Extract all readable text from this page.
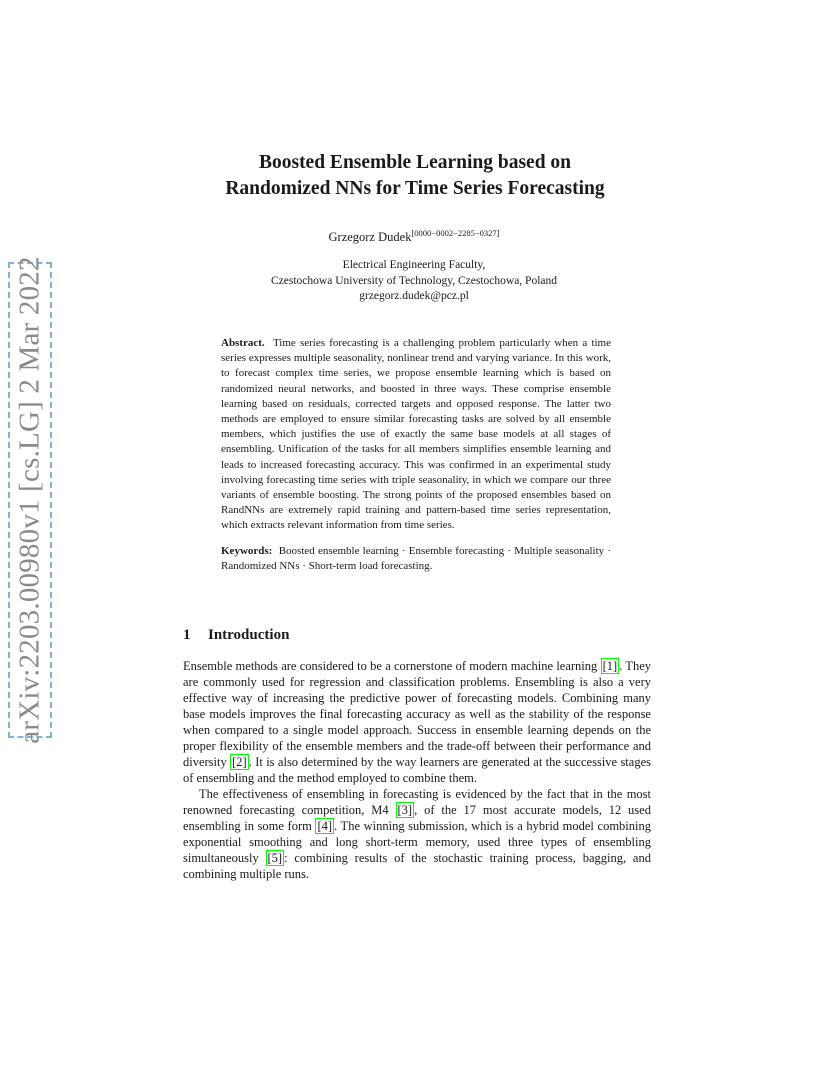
arXiv:2203.00980v1 [cs.LG] 2 Mar 2022
Boosted Ensemble Learning based on
Randomized NNs for Time Series Forecasting
Grzegorz Dudek[0000−0002−2285−0327]
Electrical Engineering Faculty,
Czestochowa University of Technology, Czestochowa, Poland
grzegorz.dudek@pcz.pl

Abstract. Time series forecasting is a challenging problem particularly when a time series expresses multiple seasonality, nonlinear trend and varying variance. In this work, to forecast complex time series, we propose ensemble learning which is based on randomized neural networks, and boosted in three ways. These comprise ensemble learning based on residuals, corrected targets and opposed response. The latter two methods are employed to ensure similar forecasting tasks are solved by all ensemble members, which justifies the use of exactly the same base models at all stages of ensembling. Unification of the tasks for all members simplifies ensemble learning and leads to increased forecasting accuracy. This was confirmed in an experimental study involving forecasting time series with triple seasonality, in which we compare our three variants of ensemble boosting. The strong points of the proposed ensembles based on RandNNs are extremely rapid training and pattern-based time series representation, which extracts relevant information from time series.

Keywords: Boosted ensemble learning · Ensemble forecasting · Multiple seasonality · Randomized NNs · Short-term load forecasting.

1 Introduction

Ensemble methods are considered to be a cornerstone of modern machine learning [1] . They are commonly used for regression and classification problems. Ensembling is also a very effective way of increasing the predictive power of forecasting models. Combining many base models improves the final forecasting accuracy as well as the stability of the response when compared to a single model approach. Success in ensemble learning depends on the proper flexibility of the ensemble members and the trade-off between their performance and diversity [2] . It is also determined by the way learners are generated at the successive stages of ensembling and the method employed to combine them.

The effectiveness of ensembling in forecasting is evidenced by the fact that in the most renowned forecasting competition, M4 [3] , of the 17 most accurate models, 12 used ensembling in some form [4] . The winning submission, which is a hybrid model combining exponential smoothing and long short-term memory, used three types of ensembling simultaneously [5] : combining results of the stochastic training process, bagging, and combining multiple runs.
